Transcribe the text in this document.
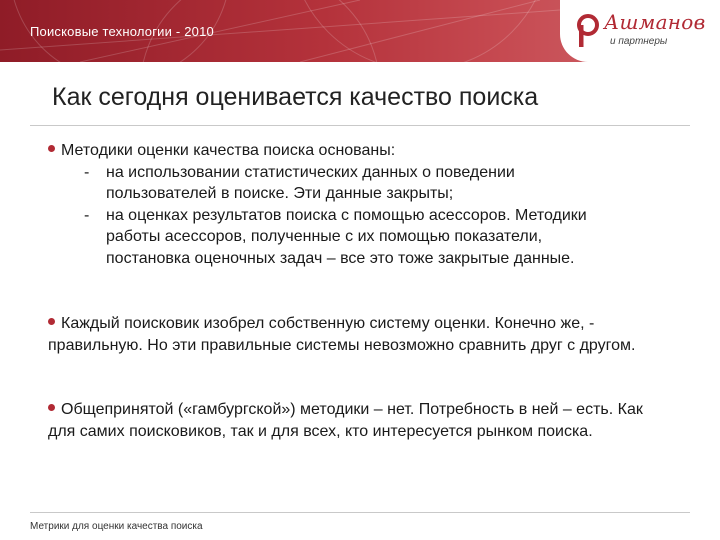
Поисковые технологии - 2010	Ашманов
и партнеры
Как сегодня оценивается качество поиска
Методики оценки качества поиска основаны:
- на использовании статистических данных о поведении пользователей в поиске. Эти данные закрыты;
- на оценках результатов поиска с помощью асессоров. Методики работы асессоров, полученные с их помощью показатели, постановка оценочных задач – все это тоже закрытые данные.
Каждый поисковик изобрел собственную систему оценки. Конечно же, - правильную. Но эти правильные системы невозможно сравнить друг с другом.
Общепринятой («гамбургской») методики – нет. Потребность в ней – есть. Как для самих поисковиков, так и для всех, кто интересуется рынком поиска.
Метрики для оценки качества поиска
